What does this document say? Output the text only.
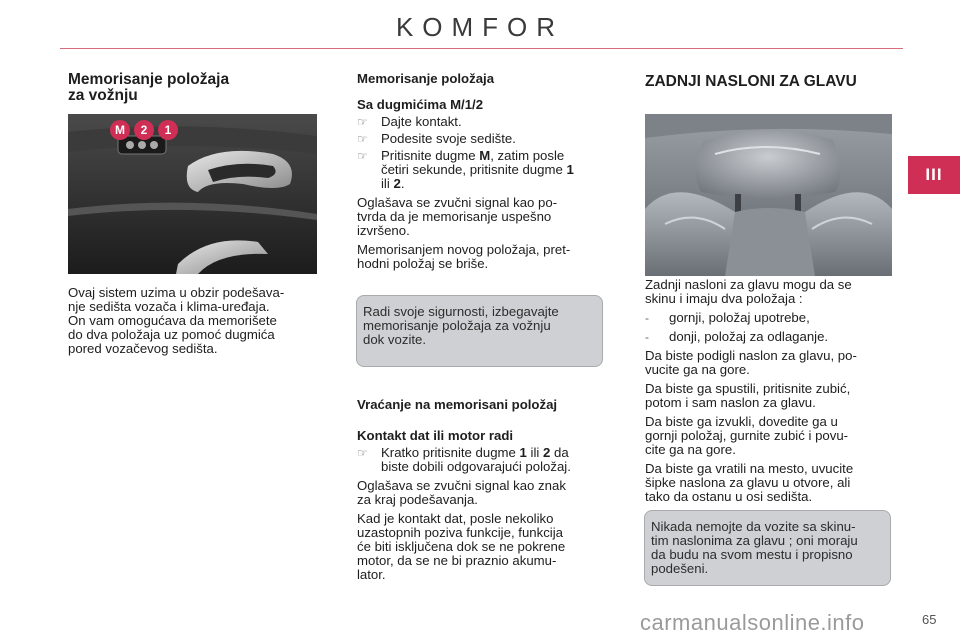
KOMFOR
III
Memorisanje položaja
za vožnju
M 2 1

Ovaj sistem uzima u obzir podešava-

nje sedišta vozača i klima-uređaja.

On vam omogućava da memorišete

do dva položaja uz pomoć dugmića

pored vozačevog sedišta.

Memorisanje položaja
Sa dugmićima M/1/2
☞	Dajte kontakt.
☞	Podesite svoje sedište.
☞	Pritisnite dugme M, zatim posle
četiri sekunde, pritisnite dugme 1
ili 2.

Oglašava se zvučni signal kao po-

tvrda da je memorisanje uspešno

izvršeno.

Memorisanjem novog položaja, pret-

hodni položaj se briše.

Radi svoje sigurnosti, izbegavajte

memorisanje položaja za vožnju

dok vozite.

Vraćanje na memorisani položaj
Kontakt dat ili motor radi
☞	Kratko pritisnite dugme 1 ili 2 da
biste dobili odgovarajući položaj.

Oglašava se zvučni signal kao znak

za kraj podešavanja.

Kad je kontakt dat, posle nekoliko

uzastopnih poziva funkcije, funkcija

će biti isključena dok se ne pokrene

motor, da se ne bi praznio akumu-

lator.

ZADNJI NASLONI ZA GLAVU

Zadnji nasloni za glavu mogu da se

skinu i imaju dva položaja :

-	gornji, položaj upotrebe,
-	donji, položaj za odlaganje.

Da biste podigli naslon za glavu, po-

vucite ga na gore.

Da biste ga spustili, pritisnite zubić,

potom i sam naslon za glavu.

Da biste ga izvukli, dovedite ga u

gornji položaj, gurnite zubić i povu-

cite ga na gore.

Da biste ga vratili na mesto, uvucite

šipke naslona za glavu u otvore, ali

tako da ostanu u osi sedišta.

Nikada nemojte da vozite sa skinu-

tim naslonima za glavu ; oni moraju

da budu na svom mestu i propisno

podešeni.

carmanualsonline.info	65
